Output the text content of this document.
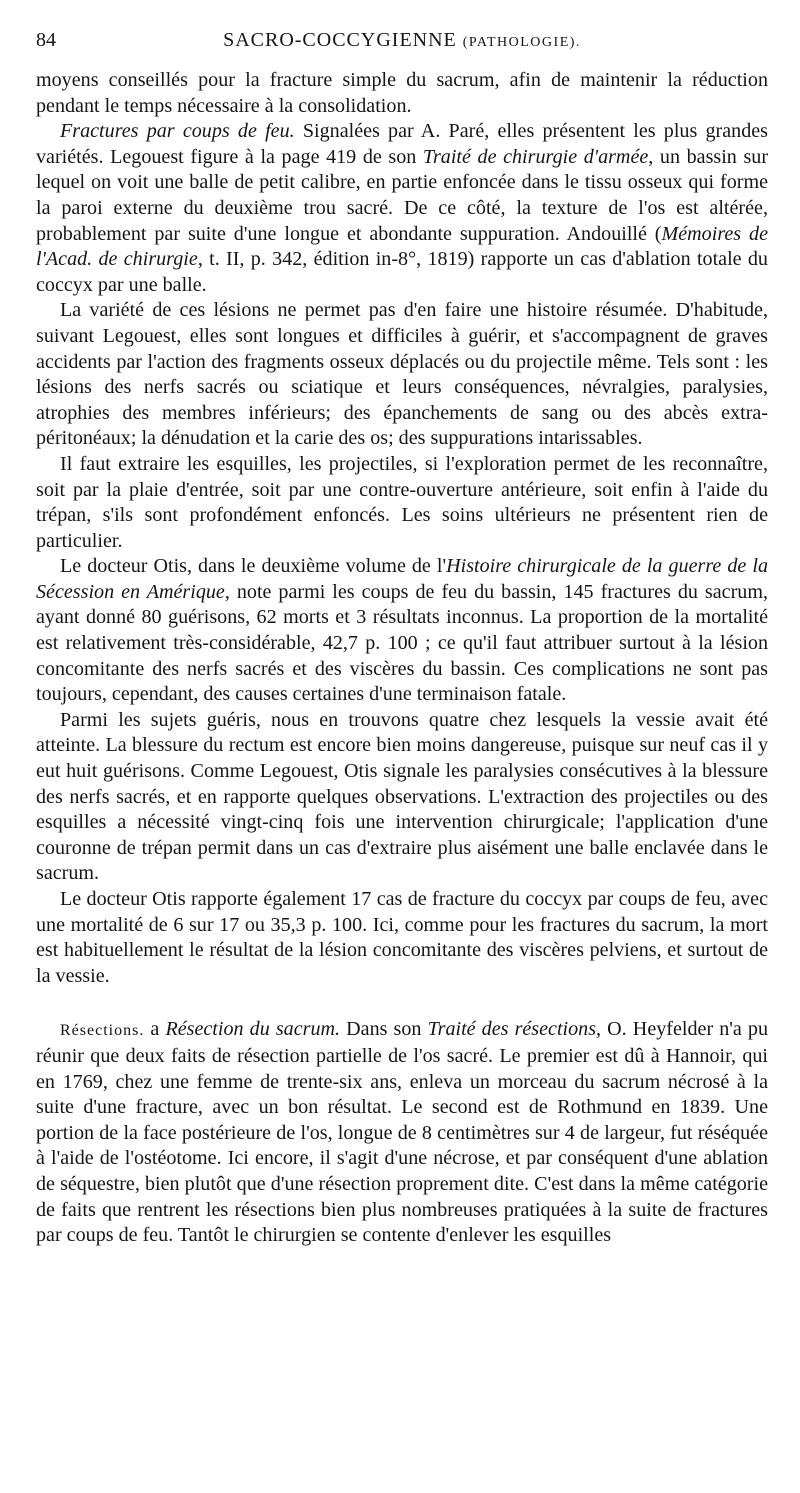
84	SACRO-COCCYGIENNE (PATHOLOGIE).

moyens conseillés pour la fracture simple du sacrum, afin de maintenir la réduction pendant le temps nécessaire à la consolidation.

Fractures par coups de feu. Signalées par A. Paré, elles présentent les plus grandes variétés. Legouest figure à la page 419 de son Traité de chirurgie d'armée, un bassin sur lequel on voit une balle de petit calibre, en partie enfoncée dans le tissu osseux qui forme la paroi externe du deuxième trou sacré. De ce côté, la texture de l'os est altérée, probablement par suite d'une longue et abondante suppuration. Andouillé (Mémoires de l'Acad. de chirurgie, t. II, p. 342, édition in-8°, 1819) rapporte un cas d'ablation totale du coccyx par une balle.

La variété de ces lésions ne permet pas d'en faire une histoire résumée. D'habitude, suivant Legouest, elles sont longues et difficiles à guérir, et s'accompagnent de graves accidents par l'action des fragments osseux déplacés ou du projectile même. Tels sont : les lésions des nerfs sacrés ou sciatique et leurs conséquences, névralgies, paralysies, atrophies des membres inférieurs; des épanchements de sang ou des abcès extra-péritonéaux; la dénudation et la carie des os; des suppurations intarissables.

Il faut extraire les esquilles, les projectiles, si l'exploration permet de les reconnaître, soit par la plaie d'entrée, soit par une contre-ouverture antérieure, soit enfin à l'aide du trépan, s'ils sont profondément enfoncés. Les soins ultérieurs ne présentent rien de particulier.

Le docteur Otis, dans le deuxième volume de l'Histoire chirurgicale de la guerre de la Sécession en Amérique, note parmi les coups de feu du bassin, 145 fractures du sacrum, ayant donné 80 guérisons, 62 morts et 3 résultats inconnus. La proportion de la mortalité est relativement très-considérable, 42,7 p. 100 ; ce qu'il faut attribuer surtout à la lésion concomitante des nerfs sacrés et des viscères du bassin. Ces complications ne sont pas toujours, cependant, des causes certaines d'une terminaison fatale.

Parmi les sujets guéris, nous en trouvons quatre chez lesquels la vessie avait été atteinte. La blessure du rectum est encore bien moins dangereuse, puisque sur neuf cas il y eut huit guérisons. Comme Legouest, Otis signale les paralysies consécutives à la blessure des nerfs sacrés, et en rapporte quelques observations. L'extraction des projectiles ou des esquilles a nécessité vingt-cinq fois une intervention chirurgicale; l'application d'une couronne de trépan permit dans un cas d'extraire plus aisément une balle enclavée dans le sacrum.

Le docteur Otis rapporte également 17 cas de fracture du coccyx par coups de feu, avec une mortalité de 6 sur 17 ou 35,3 p. 100. Ici, comme pour les fractures du sacrum, la mort est habituellement le résultat de la lésion concomitante des viscères pelviens, et surtout de la vessie.

Résections. a Résection du sacrum. Dans son Traité des résections, O. Heyfelder n'a pu réunir que deux faits de résection partielle de l'os sacré. Le premier est dû à Hannoir, qui en 1769, chez une femme de trente-six ans, enleva un morceau du sacrum nécrosé à la suite d'une fracture, avec un bon résultat. Le second est de Rothmund en 1839. Une portion de la face postérieure de l'os, longue de 8 centimètres sur 4 de largeur, fut réséquée à l'aide de l'ostéotome. Ici encore, il s'agit d'une nécrose, et par conséquent d'une ablation de séquestre, bien plutôt que d'une résection proprement dite. C'est dans la même catégorie de faits que rentrent les résections bien plus nombreuses pratiquées à la suite de fractures par coups de feu. Tantôt le chirurgien se contente d'enlever les esquilles
